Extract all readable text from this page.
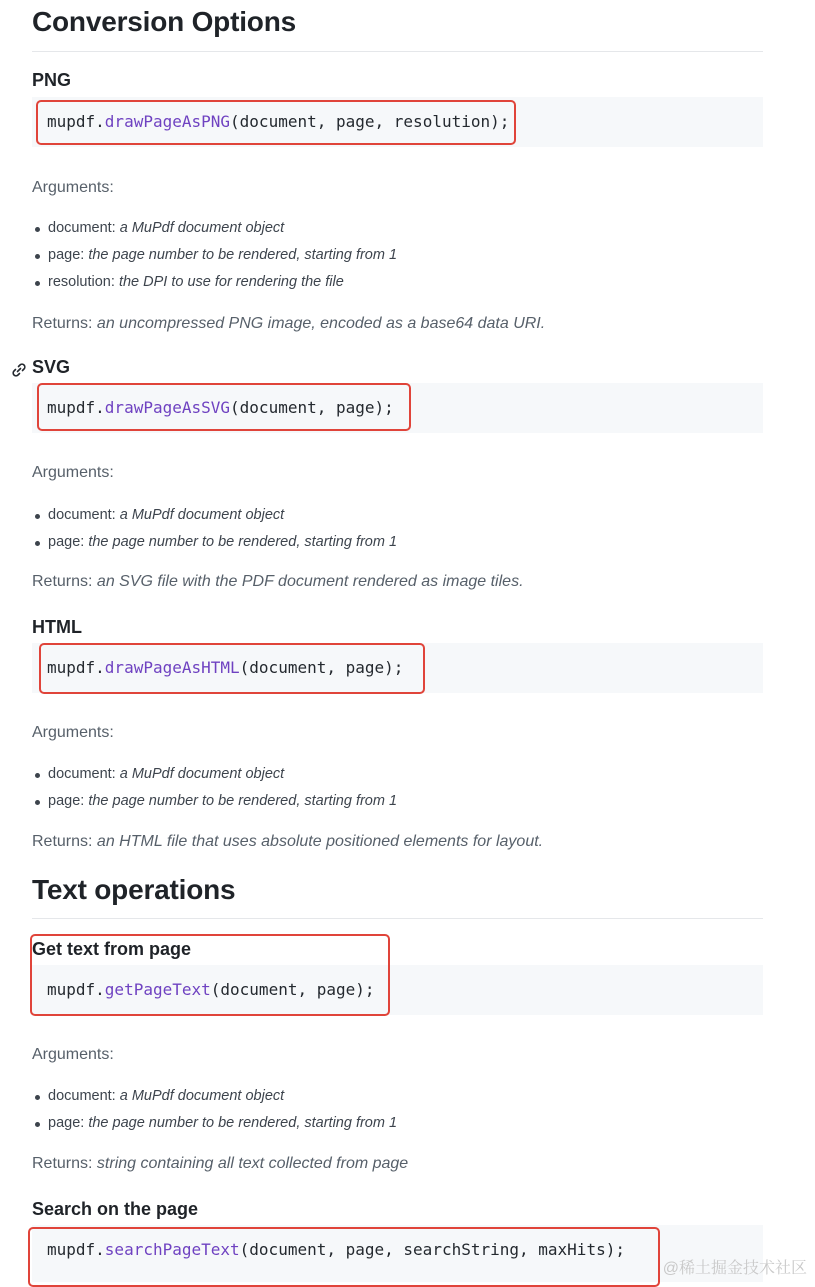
Conversion Options
PNG
mupdf.drawPageAsPNG(document, page, resolution);
Arguments:
document: a MuPdf document object
page: the page number to be rendered, starting from 1
resolution: the DPI to use for rendering the file
Returns: an uncompressed PNG image, encoded as a base64 data URI.
SVG
mupdf.drawPageAsSVG(document, page);
Arguments:
document: a MuPdf document object
page: the page number to be rendered, starting from 1
Returns: an SVG file with the PDF document rendered as image tiles.
HTML
mupdf.drawPageAsHTML(document, page);
Arguments:
document: a MuPdf document object
page: the page number to be rendered, starting from 1
Returns: an HTML file that uses absolute positioned elements for layout.
Text operations
Get text from page
mupdf.getPageText(document, page);
Arguments:
document: a MuPdf document object
page: the page number to be rendered, starting from 1
Returns: string containing all text collected from page
Search on the page
mupdf.searchPageText(document, page, searchString, maxHits);
@稀土掘金技术社区
